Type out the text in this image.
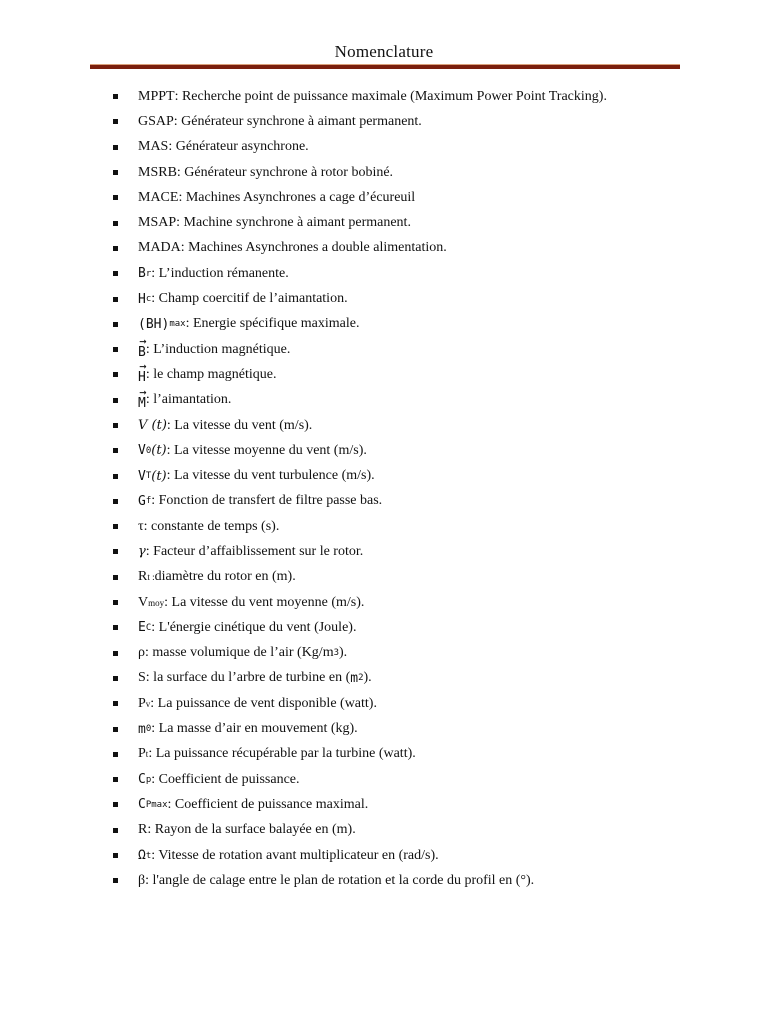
Nomenclature
MPPT : Recherche point de puissance maximale (Maximum Power Point Tracking).
GSAP : Générateur synchrone à aimant permanent.
MAS : Générateur asynchrone.
MSRB : Générateur synchrone à rotor bobiné.
MACE : Machines Asynchrones a cage d’écureuil
MSAP : Machine synchrone à aimant permanent.
MADA : Machines Asynchrones a double alimentation.
B r : L’induction rémanente.
H c : Champ coercitif de l’aimantation.
(BH) max : Energie spécifique maximale.
→ B : L’induction magnétique.
→ H : le champ magnétique.
→ M : l’aimantation.
V (t) : La vitesse du vent (m/s).
V 0 (t) : La vitesse moyenne du vent (m/s).
V T (t) : La vitesse du vent turbulence (m/s).
G f : Fonction de transfert de filtre passe bas.
τ : constante de temps (s).
γ : Facteur d’affaiblissement sur le rotor.
R t : diamètre du rotor en (m).
V moy : La vitesse du vent moyenne (m/s).
E C : L'énergie cinétique du vent (Joule).
ρ : masse volumique de l’air ( Kg/m 3 ).
S : la surface du l’arbre de turbine en ( m 2 ).
P v : La puissance de vent disponible (watt).
m 0 : La masse d’air en mouvement (kg).
P t : La puissance récupérable par la turbine (watt).
C p : Coefficient de puissance.
C Pmax : Coefficient de puissance maximal.
R : Rayon de la surface balayée en (m).
Ω t : Vitesse de rotation avant multiplicateur en (rad/s).
β : l'angle de calage entre le plan de rotation et la corde du profil en (°).
